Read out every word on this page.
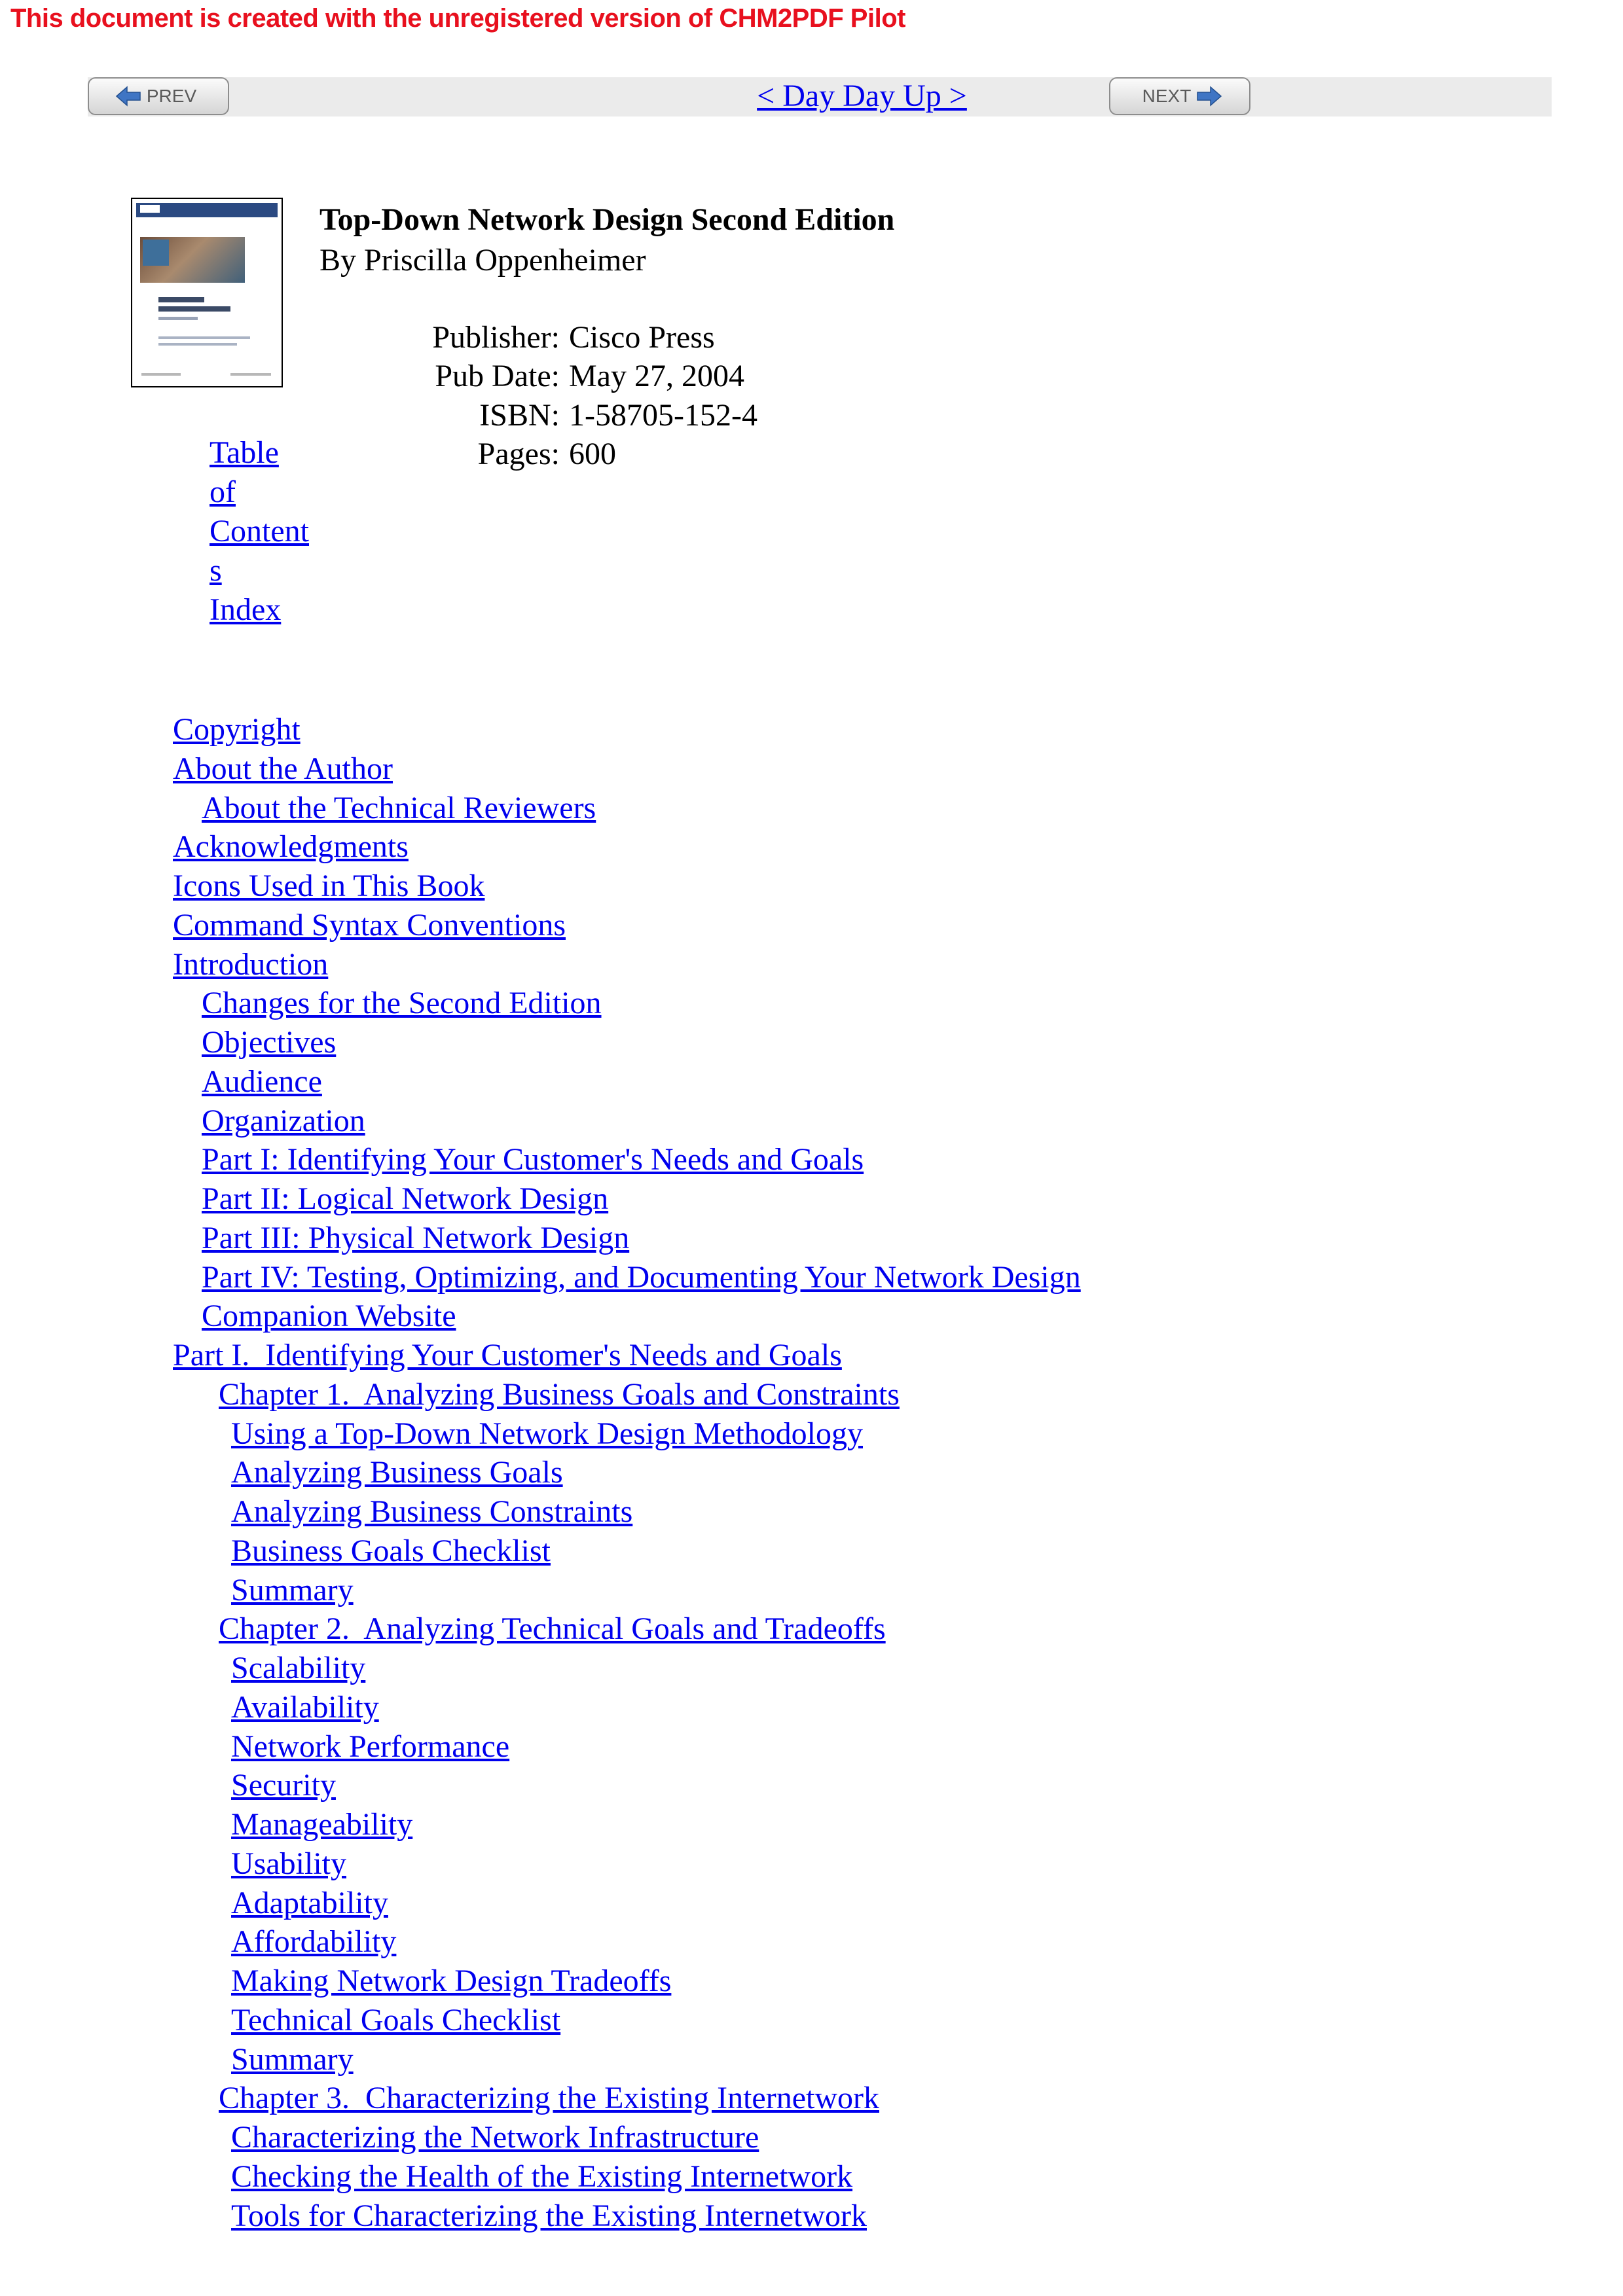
This document is created with the unregistered version of CHM2PDF Pilot
PREV	< Day Day Up >	NEXT
Top-Down Network Design Second Edition
By Priscilla Oppenheimer
Publisher: Cisco Press
Pub Date: May 27, 2004
ISBN: 1-58705-152-4
Pages: 600
Table
of
Content
s
Index
Copyright
About the Author
About the Technical Reviewers
Acknowledgments
Icons Used in This Book
Command Syntax Conventions
Introduction
Changes for the Second Edition
Objectives
Audience
Organization
Part I: Identifying Your Customer's Needs and Goals
Part II: Logical Network Design
Part III: Physical Network Design
Part IV: Testing, Optimizing, and Documenting Your Network Design
Companion Website
Part I.  Identifying Your Customer's Needs and Goals
Chapter 1.  Analyzing Business Goals and Constraints
Using a Top-Down Network Design Methodology
Analyzing Business Goals
Analyzing Business Constraints
Business Goals Checklist
Summary
Chapter 2.  Analyzing Technical Goals and Tradeoffs
Scalability
Availability
Network Performance
Security
Manageability
Usability
Adaptability
Affordability
Making Network Design Tradeoffs
Technical Goals Checklist
Summary
Chapter 3.  Characterizing the Existing Internetwork
Characterizing the Network Infrastructure
Checking the Health of the Existing Internetwork
Tools for Characterizing the Existing Internetwork
